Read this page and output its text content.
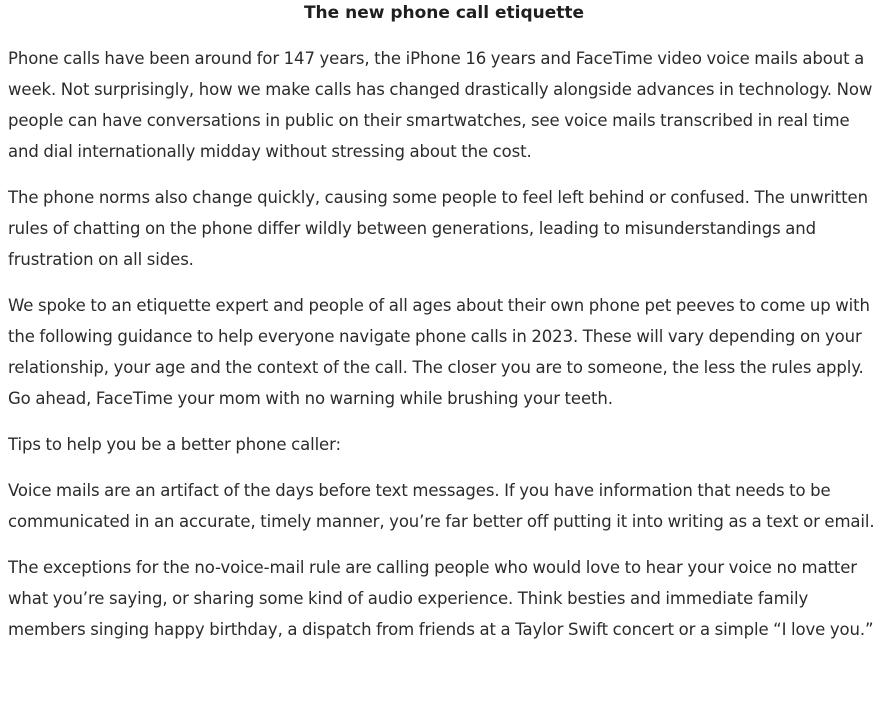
The new phone call etiquette

Phone calls have been around for 147 years, the iPhone 16 years and FaceTime video voice mails about a week. Not surprisingly, how we make calls has changed drastically alongside advances in technology. Now people can have conversations in public on their smartwatches, see voice mails transcribed in real time and dial internationally midday without stressing about the cost.

The phone norms also change quickly, causing some people to feel left behind or confused. The unwritten rules of chatting on the phone differ wildly between generations, leading to misunderstandings and frustration on all sides.

We spoke to an etiquette expert and people of all ages about their own phone pet peeves to come up with the following guidance to help everyone navigate phone calls in 2023. These will vary depending on your relationship, your age and the context of the call. The closer you are to someone, the less the rules apply. Go ahead, FaceTime your mom with no warning while brushing your teeth.

Tips to help you be a better phone caller:

Voice mails are an artifact of the days before text messages. If you have information that needs to be communicated in an accurate, timely manner, you’re far better off putting it into writing as a text or email.

The exceptions for the no-voice-mail rule are calling people who would love to hear your voice no matter what you’re saying, or sharing some kind of audio experience. Think besties and immediate family members singing happy birthday, a dispatch from friends at a Taylor Swift concert or a simple “I love you.”
